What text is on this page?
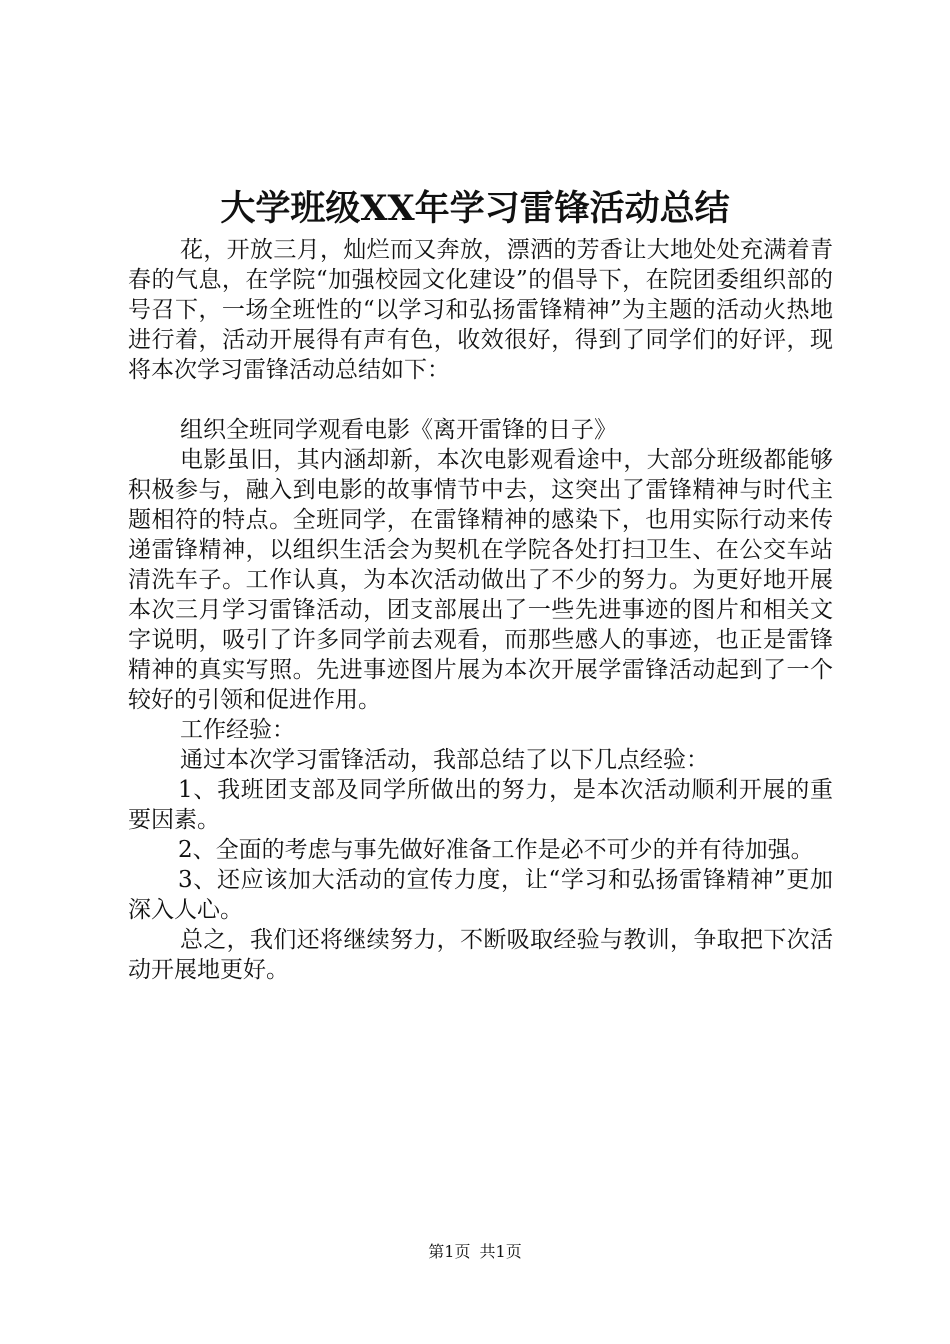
大学班级XX年学习雷锋活动总结

花，开放三月，灿烂而又奔放，漂洒的芳香让大地处处充满着青春的气息，在学院“加强校园文化建设”的倡导下，在院团委组织部的号召下，一场全班性的“以学习和弘扬雷锋精神”为主题的活动火热地进行着，活动开展得有声有色，收效很好，得到了同学们的好评，现将本次学习雷锋活动总结如下：

组织全班同学观看电影《离开雷锋的日子》

电影虽旧，其内涵却新，本次电影观看途中，大部分班级都能够积极参与，融入到电影的故事情节中去，这突出了雷锋精神与时代主题相符的特点。全班同学，在雷锋精神的感染下，也用实际行动来传递雷锋精神，以组织生活会为契机在学院各处打扫卫生、在公交车站清洗车子。工作认真，为本次活动做出了不少的努力。为更好地开展本次三月学习雷锋活动，团支部展出了一些先进事迹的图片和相关文字说明，吸引了许多同学前去观看，而那些感人的事迹，也正是雷锋精神的真实写照。先进事迹图片展为本次开展学雷锋活动起到了一个较好的引领和促进作用。

工作经验：

通过本次学习雷锋活动，我部总结了以下几点经验：

1、我班团支部及同学所做出的努力，是本次活动顺利开展的重要因素。

2、全面的考虑与事先做好准备工作是必不可少的并有待加强。

3、还应该加大活动的宣传力度，让“学习和弘扬雷锋精神”更加深入人心。

总之，我们还将继续努力，不断吸取经验与教训，争取把下次活动开展地更好。

第1页 共1页
